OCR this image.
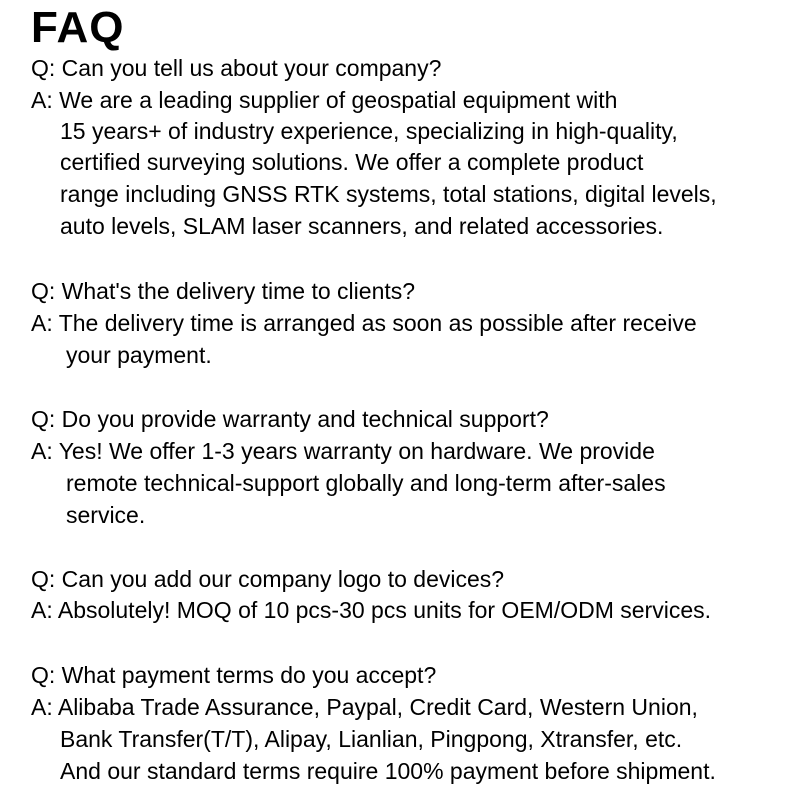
FAQ

Q: Can you tell us about your company?

A: We are a leading supplier of geospatial equipment with

15 years+ of industry experience, specializing in high-quality,

certified surveying solutions. We offer a complete product

range including GNSS RTK systems, total stations, digital levels,

auto levels, SLAM laser scanners, and related accessories.

Q: What's the delivery time to clients?

A: The delivery time is arranged as soon as possible after receive

your payment.

Q: Do you provide warranty and technical support?

A: Yes! We offer 1-3 years warranty on hardware. We provide

remote technical-support globally and long-term after-sales

service.

Q: Can you add our company logo to devices?

A: Absolutely! MOQ of 10 pcs-30 pcs units for OEM/ODM services.

Q: What payment terms do you accept?

A: Alibaba Trade Assurance, Paypal, Credit Card, Western Union,

Bank Transfer(T/T), Alipay, Lianlian, Pingpong, Xtransfer, etc.

And our standard terms require 100% payment before shipment.
